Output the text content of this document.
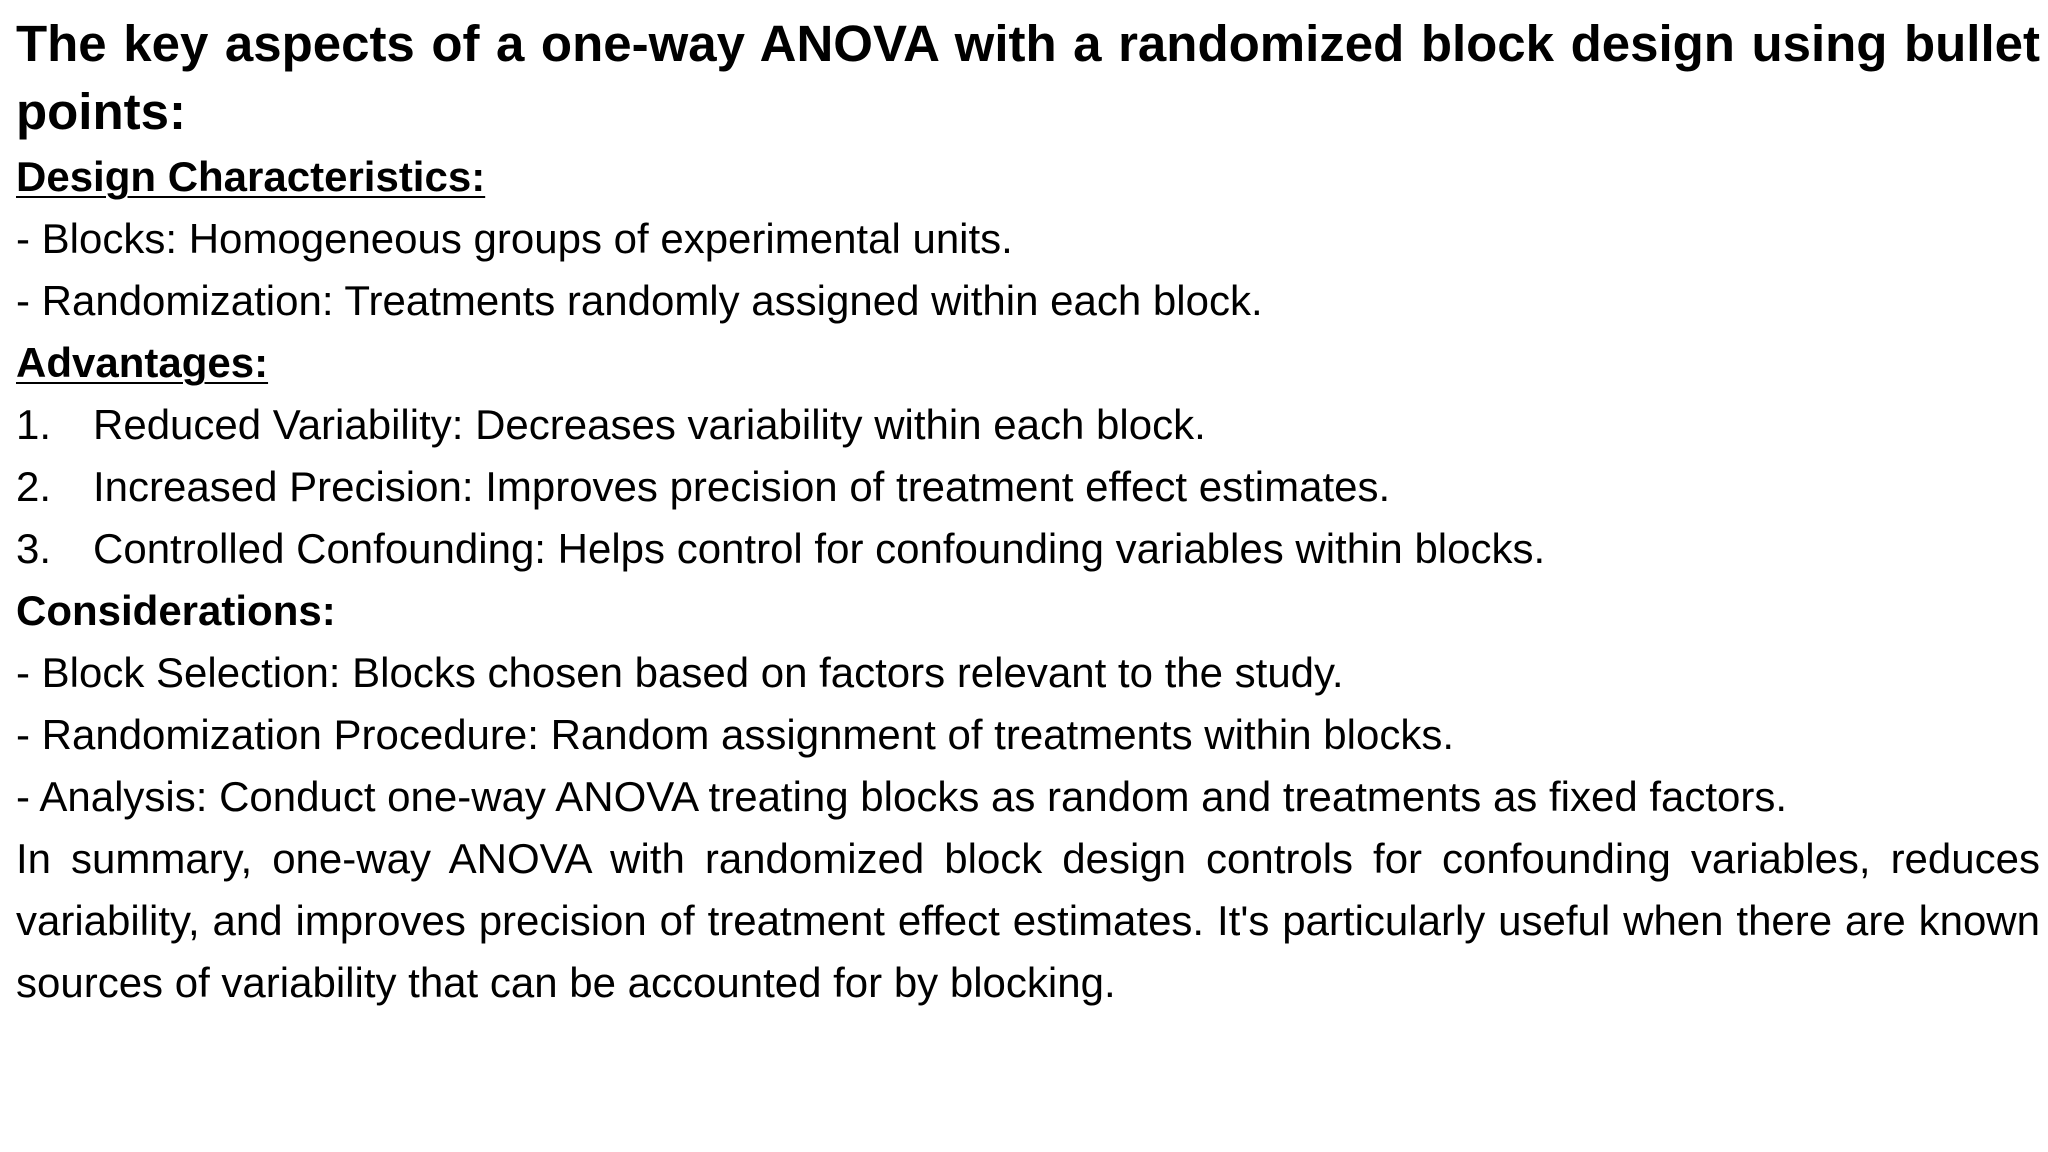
The key aspects of a one-way ANOVA with a randomized block design using bullet points:

Design Characteristics:

- Blocks: Homogeneous groups of experimental units.

- Randomization: Treatments randomly assigned within each block.

Advantages:

1. Reduced Variability: Decreases variability within each block.
2. Increased Precision: Improves precision of treatment effect estimates.
3. Controlled Confounding: Helps control for confounding variables within blocks.

Considerations:

- Block Selection: Blocks chosen based on factors relevant to the study.

- Randomization Procedure: Random assignment of treatments within blocks.

- Analysis: Conduct one-way ANOVA treating blocks as random and treatments as fixed factors.

In summary, one-way ANOVA with randomized block design controls for confounding variables, reduces variability, and improves precision of treatment effect estimates. It's particularly useful when there are known sources of variability that can be accounted for by blocking.
